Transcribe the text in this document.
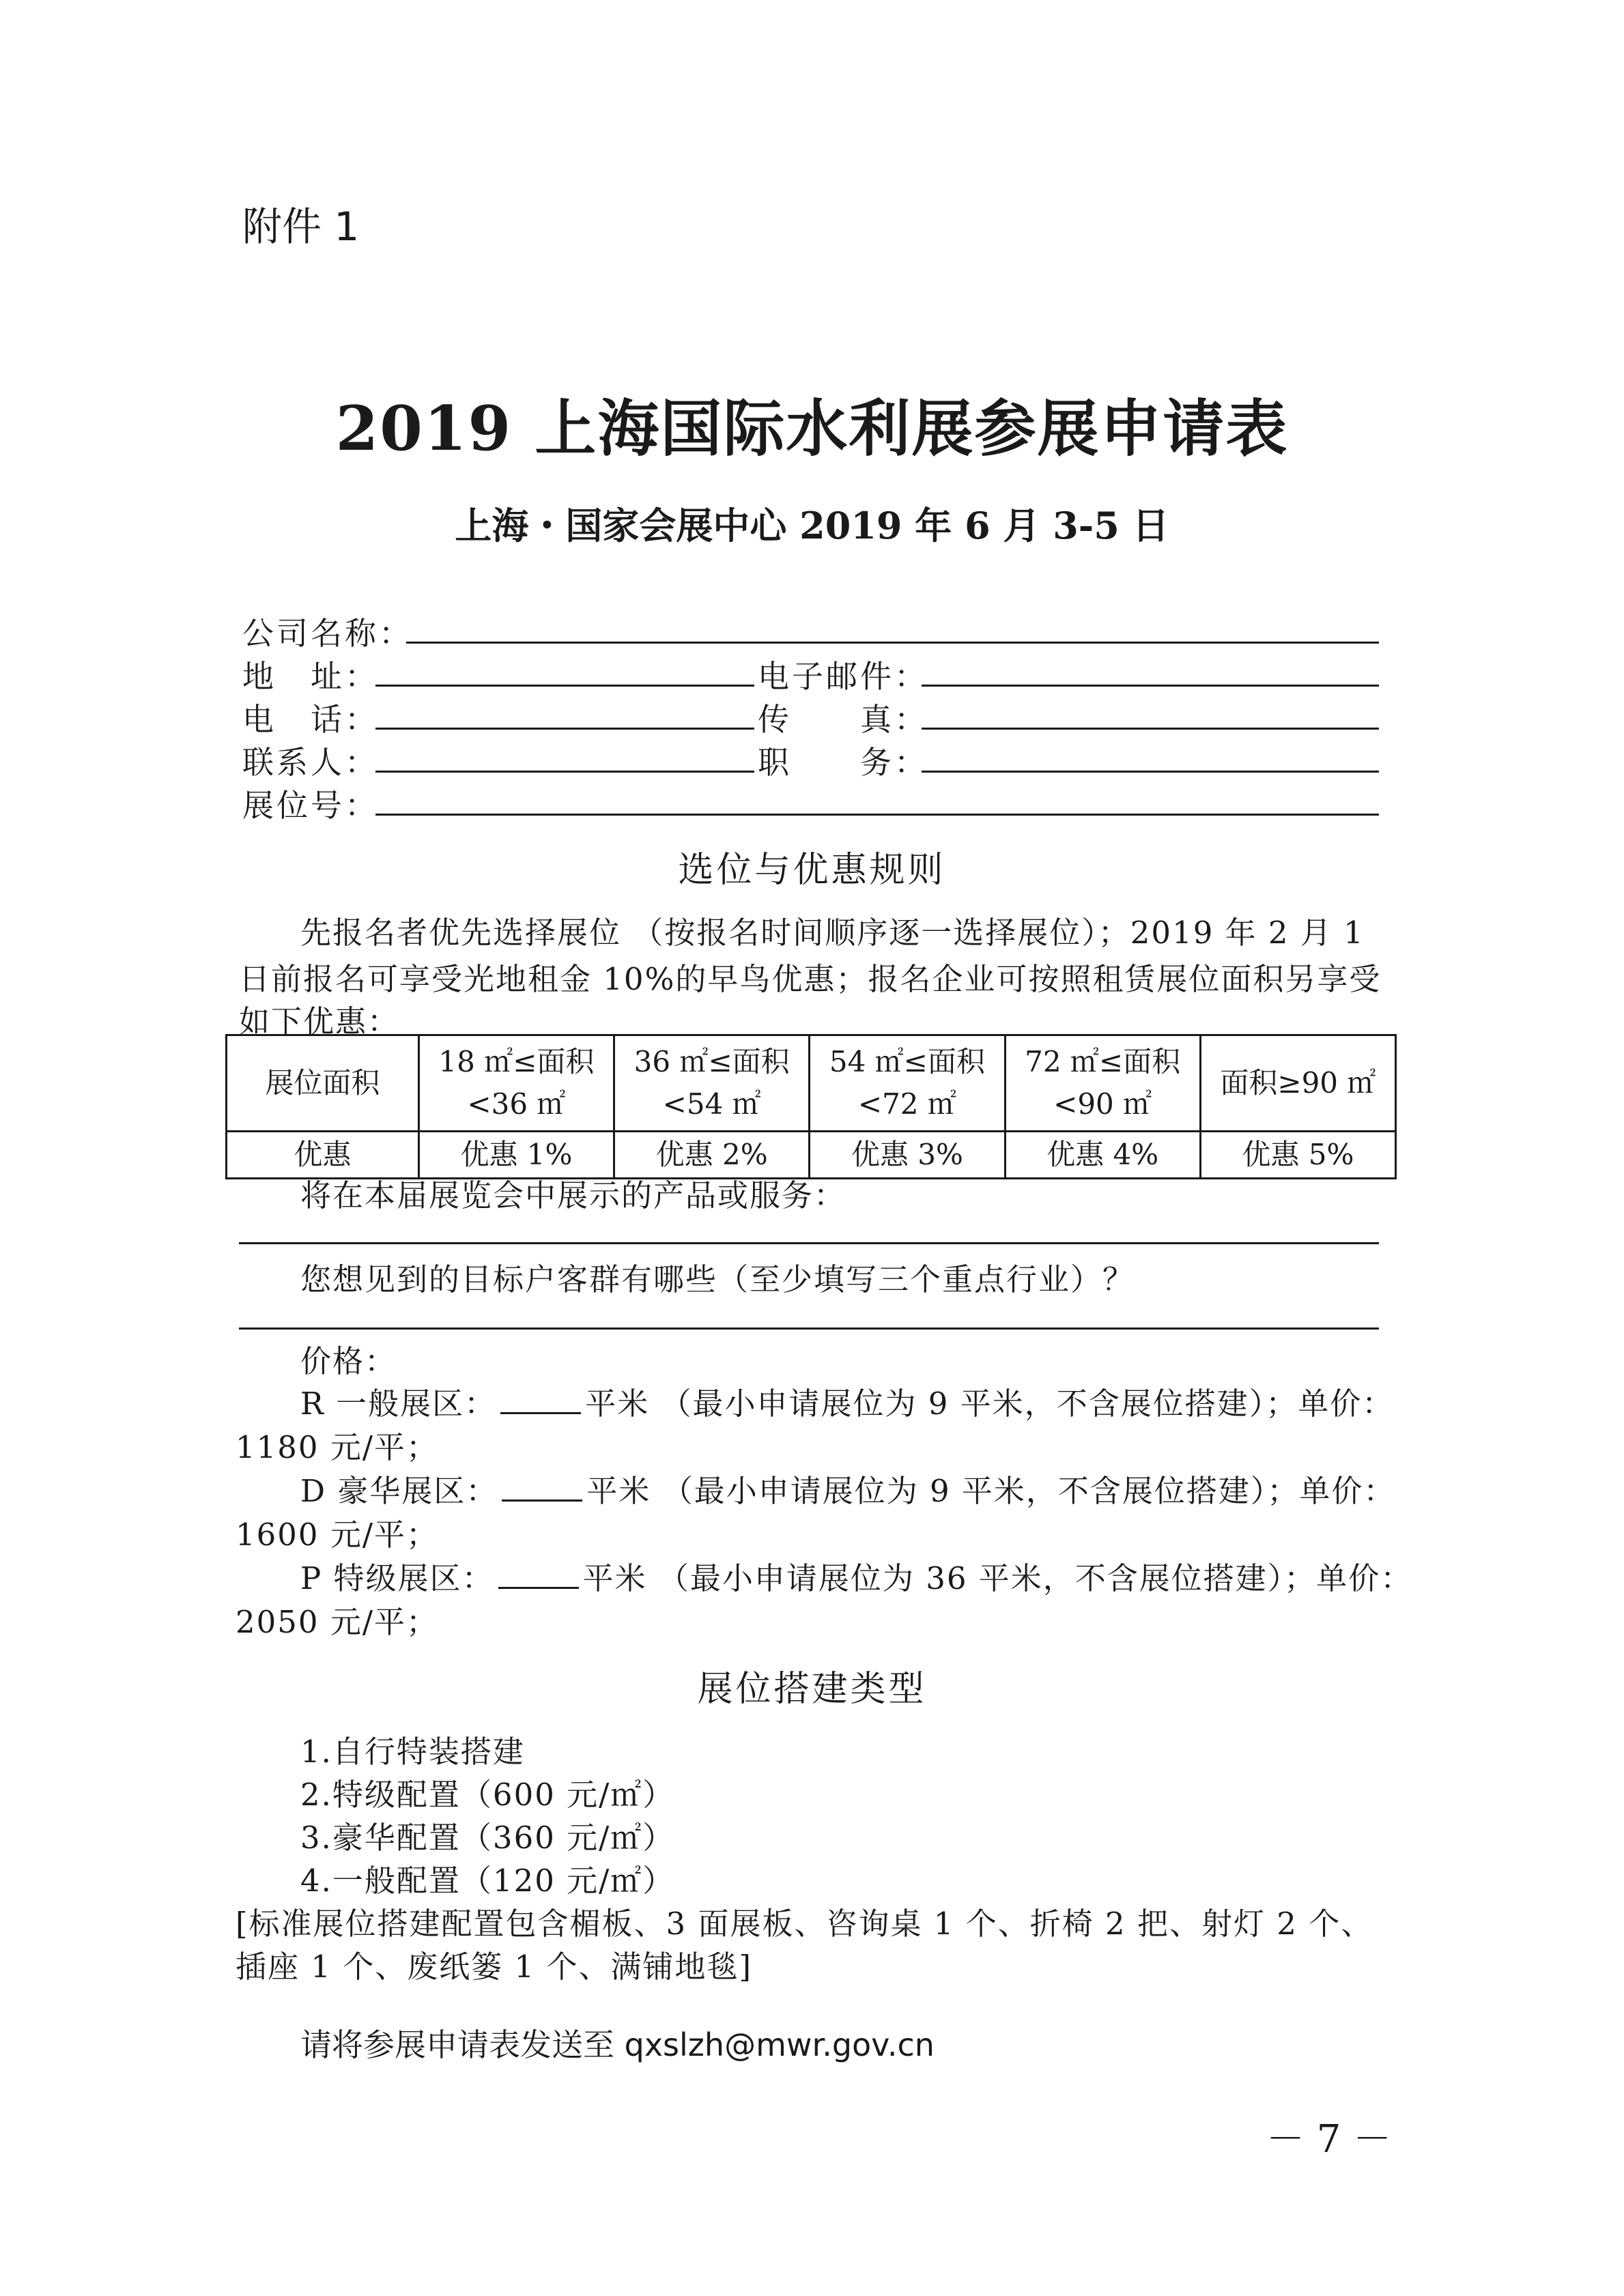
附件 1
2019 上海国际水利展参展申请表
上海・国家会展中心 2019 年 6 月 3-5 日
公司名称：
地　址：	电子邮件：
电　话：	传　　真：
联系人：	职　　务：
展位号：
选位与优惠规则
先报名者优先选择展位 （按报名时间顺序逐一选择展位）；2019 年 2 月 1
日前报名可享受光地租金 10%的早鸟优惠；报名企业可按照租赁展位面积另享受
如下优惠：
展位面积	18 ㎡≤面积<36 ㎡	36 ㎡≤面积<54 ㎡	54 ㎡≤面积<72 ㎡	72 ㎡≤面积<90 ㎡	面积≥90 ㎡
优惠	优惠 1%	优惠 2%	优惠 3%	优惠 4%	优惠 5%
将在本届展览会中展示的产品或服务：
您想见到的目标户客群有哪些（至少填写三个重点行业）？
价格：
R 一般展区：	平米 （最小申请展位为 9 平米，不含展位搭建）；单价：
1180 元/平；
D 豪华展区：	平米 （最小申请展位为 9 平米，不含展位搭建）；单价：
1600 元/平；
P 特级展区：	平米 （最小申请展位为 36 平米，不含展位搭建）；单价：
2050 元/平；
展位搭建类型
1.自行特装搭建
2.特级配置（600 元/㎡）
3.豪华配置（360 元/㎡）
4.一般配置（120 元/㎡）
[标准展位搭建配置包含楣板、3 面展板、咨询桌 1 个、折椅 2 把、射灯 2 个、
插座 1 个、废纸篓 1 个、满铺地毯]
请将参展申请表发送至 qxslzh@mwr.gov.cn
－ 7 －
